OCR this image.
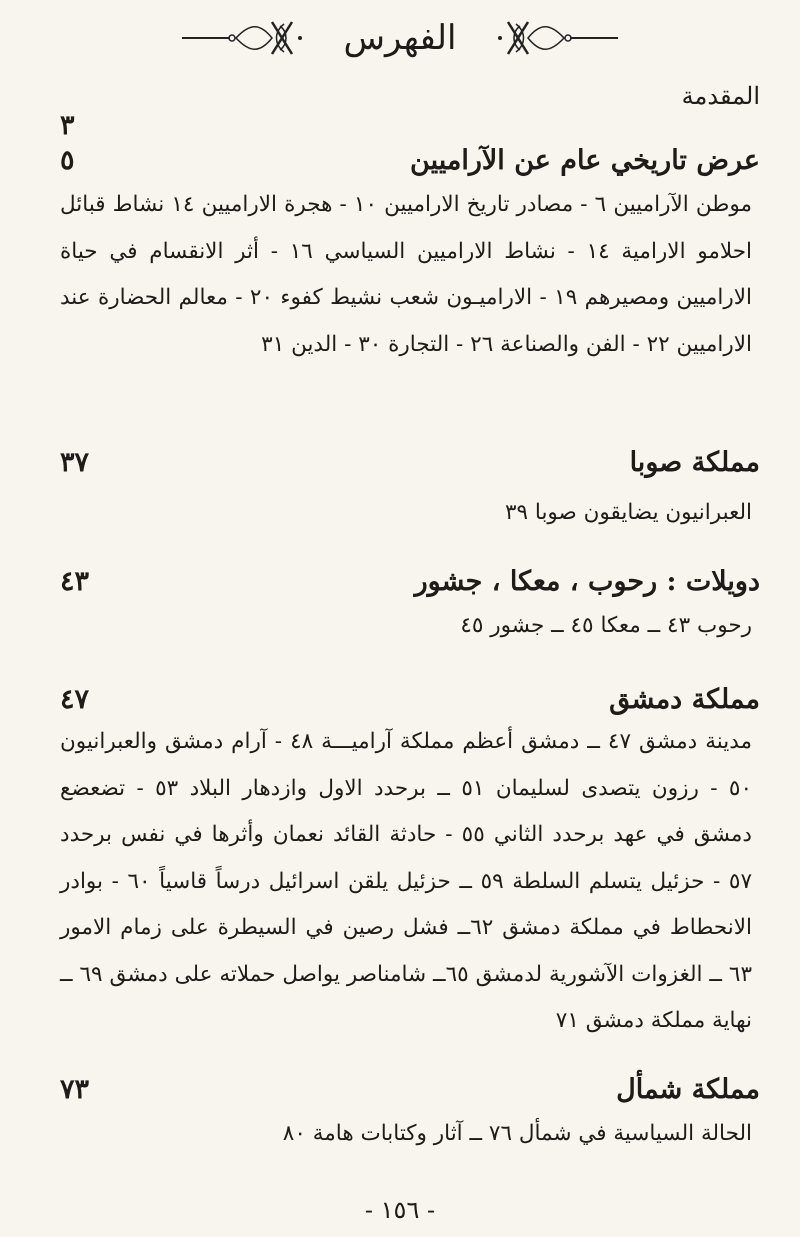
الفهرس
المقدمة
٣
عرض تاريخي عام عن الآراميين
٥
موطن الآراميين ٦ - مصادر تاريخ الاراميين ١٠ - هجرة الاراميين ١٤ نشاط قبائل احلامو الارامية ١٤ - نشاط الاراميين السياسي ١٦ - أثر الانقسام في حياة الاراميين ومصيرهم ١٩ - الاراميـون شعب نشيط كفوء ٢٠ - معالم الحضارة عند الاراميين ٢٢ - الفن والصناعة ٢٦ - التجارة ٣٠ - الدين ٣١
مملكة صوبا
٣٧
العبرانيون يضايقون صوبا ٣٩
دويلات : رحوب ، معكا ، جشور
٤٣
رحوب ٤٣ ــ معكا ٤٥ ــ جشور ٤٥
مملكة دمشق
٤٧
مدينة دمشق ٤٧ ــ دمشق أعظم مملكة آراميـــة ٤٨ - آرام دمشق والعبرانيون ٥٠ - رزون يتصدى لسليمان ٥١ ــ برحدد الاول وازدهار البلاد ٥٣ - تضعضع دمشق في عهد برحدد الثاني ٥٥ - حادثة القائد نعمان وأثرها في نفس برحدد ٥٧ - حزئيل يتسلم السلطة ٥٩ ــ حزئيل يلقن اسرائيل درساً قاسياً ٦٠ - بوادر الانحطاط في مملكة دمشق ٦٢ــ فشل رصين في السيطرة على زمام الامور ٦٣ ــ الغزوات الآشورية لدمشق ٦٥ــ شامناصر يواصل حملاته على دمشق ٦٩ ــ نهاية مملكة دمشق ٧١
مملكة شمأل
٧٣
الحالة السياسية في شمأل ٧٦ ــ آثار وكتابات هامة ٨٠
- ١٥٦ -
